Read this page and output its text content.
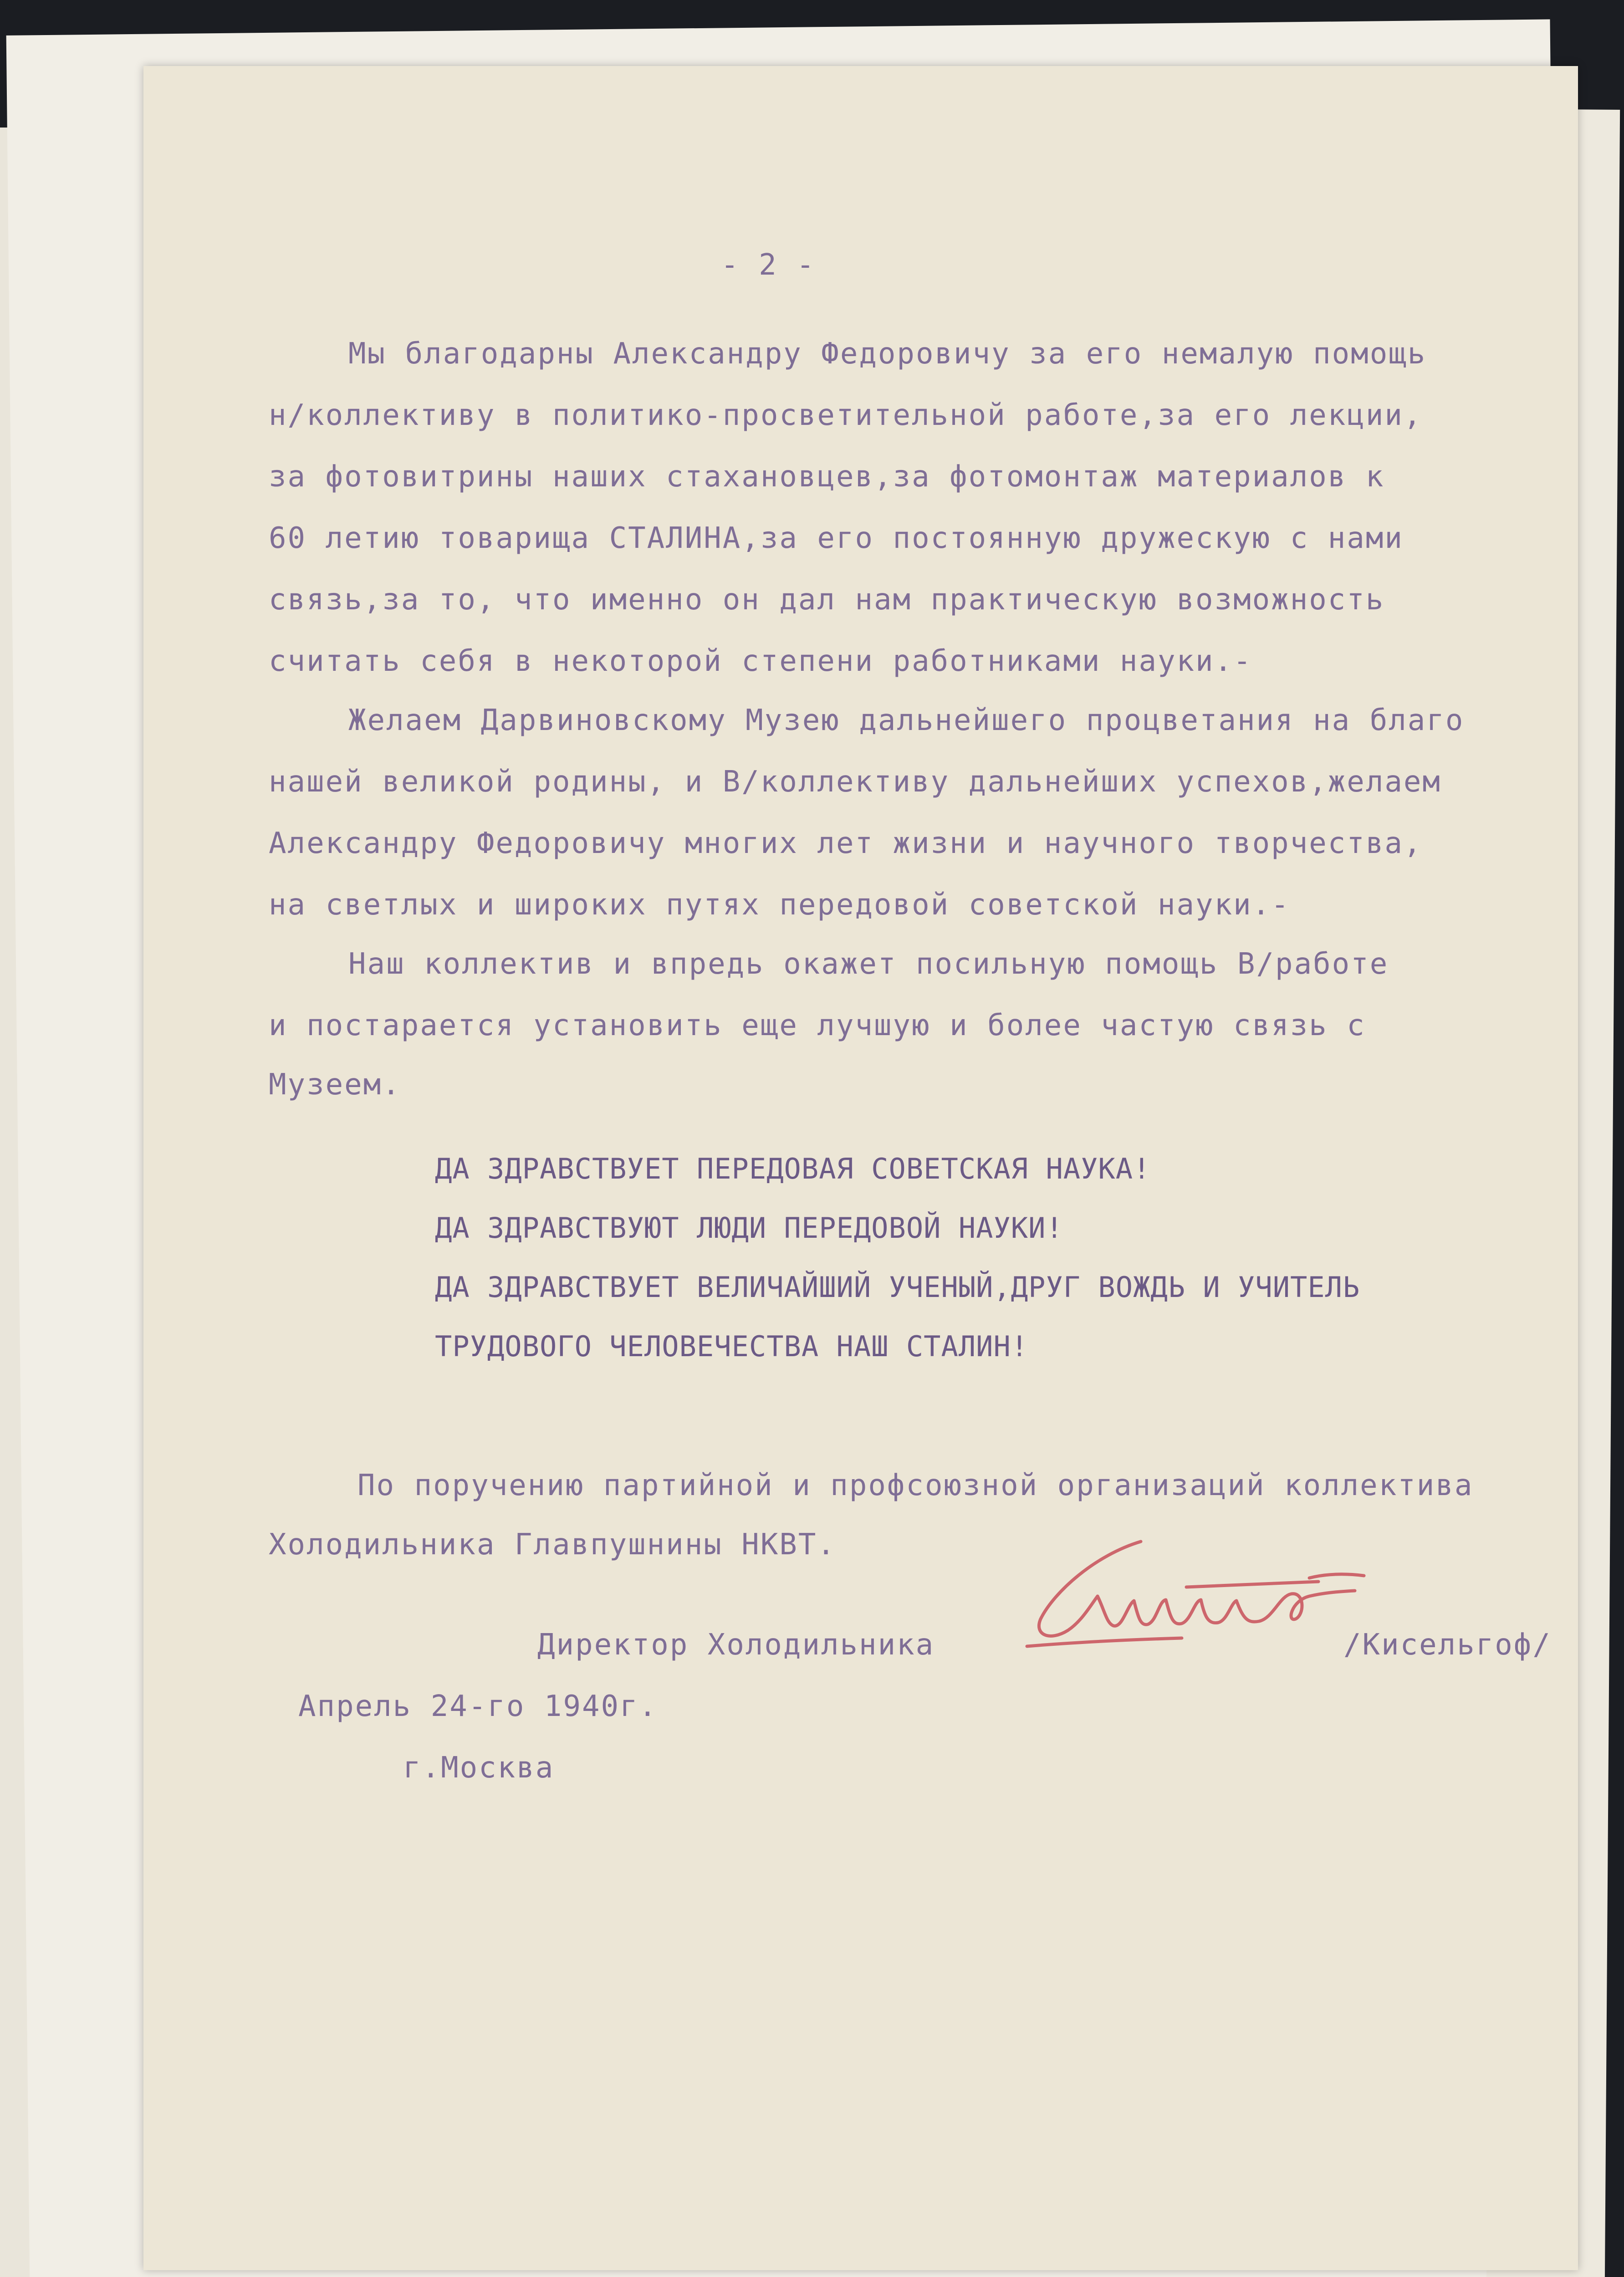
- 2 -
Мы благодарны Александру Федоровичу за его немалую помощь
н/коллективу в политико-просветительной работе,за его лекции,
за фотовитрины наших стахановцев,за фотомонтаж материалов к
60 летию товарища СТАЛИНА,за его постоянную дружескую с нами
связь,за то, что именно он дал нам практическую возможность
считать себя в некоторой степени работниками науки.-
Желаем Дарвиновскому Музею дальнейшего процветания на благо
нашей великой родины, и В/коллективу дальнейших успехов,желаем
Александру Федоровичу многих лет жизни и научного творчества,
на светлых и широких путях передовой советской науки.-
Наш коллектив и впредь окажет посильную помощь В/работе
и постарается установить еще лучшую и более частую связь с
Музеем.
ДА ЗДРАВСТВУЕТ ПЕРЕДОВАЯ СОВЕТСКАЯ НАУКА!
ДА ЗДРАВСТВУЮТ ЛЮДИ ПЕРЕДОВОЙ НАУКИ!
ДА ЗДРАВСТВУЕТ ВЕЛИЧАЙШИЙ УЧЕНЫЙ,ДРУГ ВОЖДЬ И УЧИТЕЛЬ
ТРУДОВОГО ЧЕЛОВЕЧЕСТВА НАШ СТАЛИН!
По поручению партийной и профсоюзной организаций коллектива
Холодильника Главпушнины НКВТ.
Директор Холодильника	/Кисельгоф/
Апрель 24-го 1940г.
г.Москва
